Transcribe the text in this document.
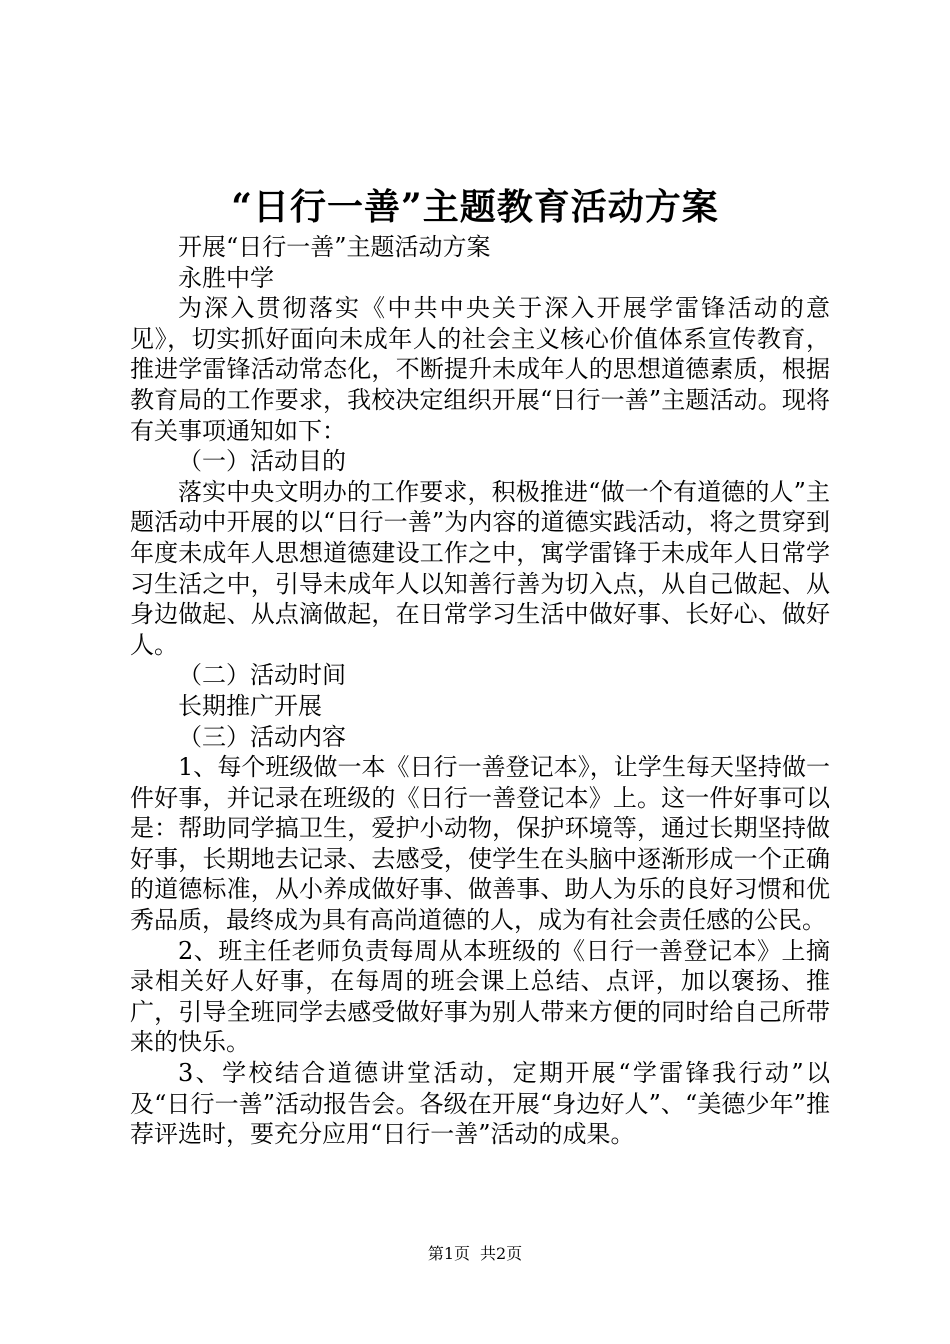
“日行一善”主题教育活动方案

开展“日行一善”主题活动方案

永胜中学

为深入贯彻落实《中共中央关于深入开展学雷锋活动的意见》，切实抓好面向未成年人的社会主义核心价值体系宣传教育，推进学雷锋活动常态化，不断提升未成年人的思想道德素质，根据教育局的工作要求，我校决定组织开展“日行一善”主题活动。现将有关事项通知如下：

（一）活动目的

落实中央文明办的工作要求，积极推进“做一个有道德的人”主题活动中开展的以“日行一善”为内容的道德实践活动，将之贯穿到年度未成年人思想道德建设工作之中，寓学雷锋于未成年人日常学习生活之中，引导未成年人以知善行善为切入点，从自己做起、从身边做起、从点滴做起，在日常学习生活中做好事、长好心、做好人。

（二）活动时间

长期推广开展

（三）活动内容

1、每个班级做一本《日行一善登记本》，让学生每天坚持做一件好事，并记录在班级的《日行一善登记本》上。这一件好事可以是：帮助同学搞卫生，爱护小动物，保护环境等，通过长期坚持做好事，长期地去记录、去感受，使学生在头脑中逐渐形成一个正确的道德标准，从小养成做好事、做善事、助人为乐的良好习惯和优秀品质，最终成为具有高尚道德的人，成为有社会责任感的公民。

2、班主任老师负责每周从本班级的《日行一善登记本》上摘录相关好人好事，在每周的班会课上总结、点评，加以褒扬、推广，引导全班同学去感受做好事为别人带来方便的同时给自己所带来的快乐。

3、学校结合道德讲堂活动，定期开展“学雷锋我行动”以及“日行一善”活动报告会。各级在开展“身边好人”、“美德少年”推荐评选时，要充分应用“日行一善”活动的成果。

第1页 共2页
